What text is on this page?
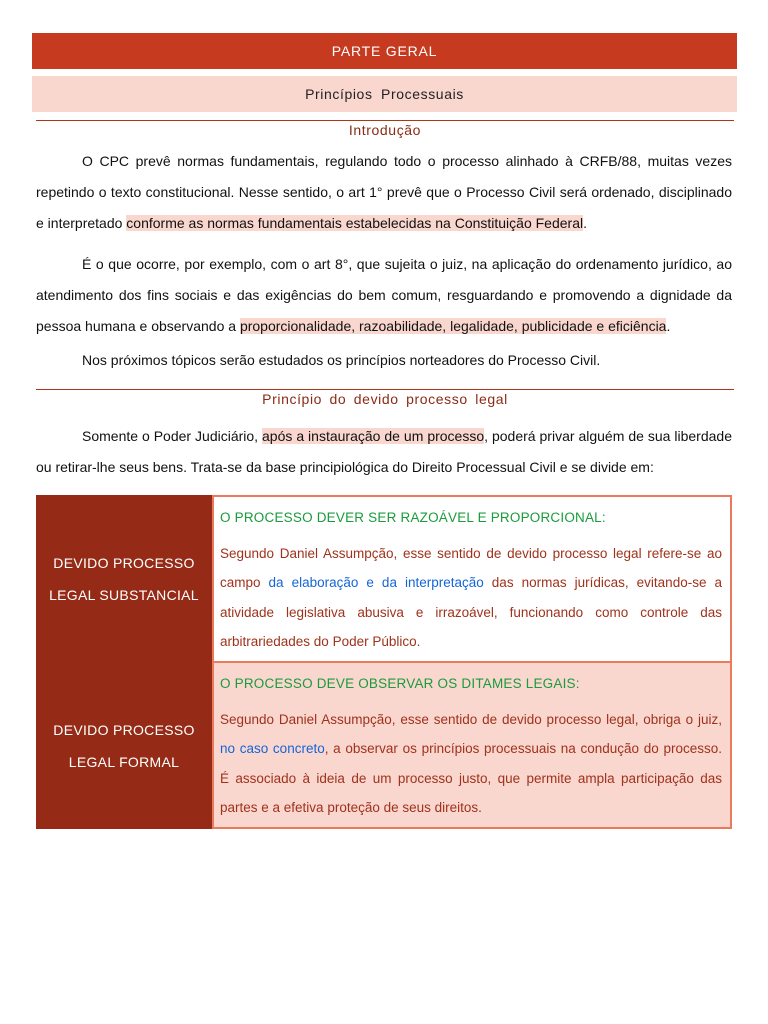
PARTE GERAL
Princípios Processuais
Introdução
O CPC prevê normas fundamentais, regulando todo o processo alinhado à CRFB/88, muitas vezes repetindo o texto constitucional. Nesse sentido, o art 1° prevê que o Processo Civil será ordenado, disciplinado e interpretado conforme as normas fundamentais estabelecidas na Constituição Federal.
É o que ocorre, por exemplo, com o art 8°, que sujeita o juiz, na aplicação do ordenamento jurídico, ao atendimento dos fins sociais e das exigências do bem comum, resguardando e promovendo a dignidade da pessoa humana e observando a proporcionalidade, razoabilidade, legalidade, publicidade e eficiência.
Nos próximos tópicos serão estudados os princípios norteadores do Processo Civil.
Princípio do devido processo legal
Somente o Poder Judiciário, após a instauração de um processo, poderá privar alguém de sua liberdade ou retirar-lhe seus bens. Trata-se da base principiológica do Direito Processual Civil e se divide em:
DEVIDO PROCESSO
LEGAL SUBSTANCIAL
O PROCESSO DEVER SER RAZOÁVEL E PROPORCIONAL:
Segundo Daniel Assumpção, esse sentido de devido processo legal refere-se ao campo da elaboração e da interpretação das normas jurídicas, evitando-se a atividade legislativa abusiva e irrazoável, funcionando como controle das arbitrariedades do Poder Público.
DEVIDO PROCESSO
LEGAL FORMAL
O PROCESSO DEVE OBSERVAR OS DITAMES LEGAIS:
Segundo Daniel Assumpção, esse sentido de devido processo legal, obriga o juiz, no caso concreto, a observar os princípios processuais na condução do processo. É associado à ideia de um processo justo, que permite ampla participação das partes e a efetiva proteção de seus direitos.
